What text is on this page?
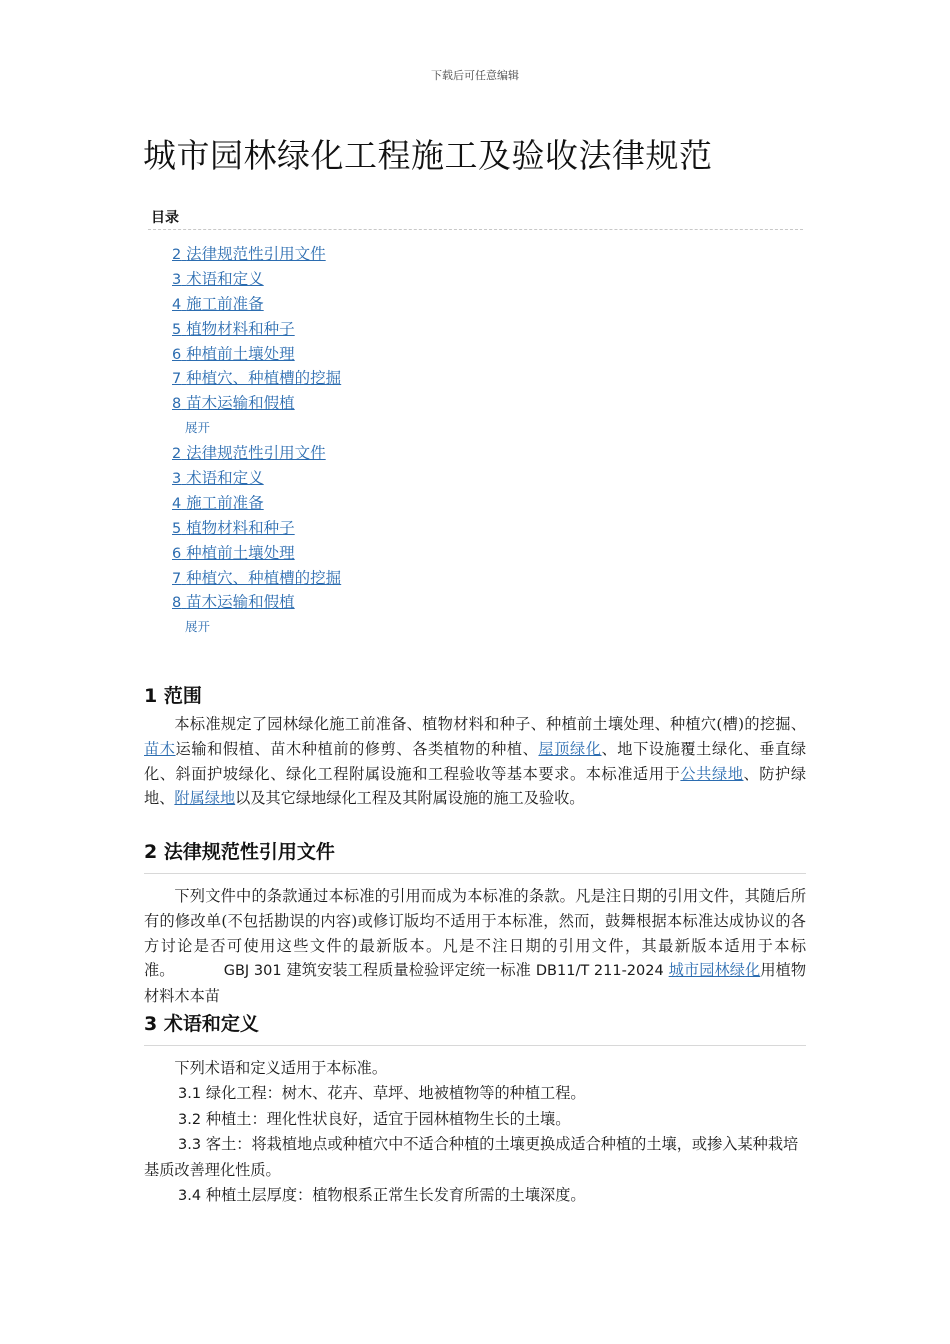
下载后可任意编辑
城市园林绿化工程施工及验收法律规范
目录
2 法律规范性引用文件
3 术语和定义
4 施工前准备
5 植物材料和种子
6 种植前土壤处理
7 种植穴、种植槽的挖掘
8 苗木运输和假植
展开
2 法律规范性引用文件
3 术语和定义
4 施工前准备
5 植物材料和种子
6 种植前土壤处理
7 种植穴、种植槽的挖掘
8 苗木运输和假植
展开
1 范围

本标准规定了园林绿化施工前准备、植物材料和种子、种植前土壤处理、种植穴(槽)的挖掘、苗木运输和假植、苗木种植前的修剪、各类植物的种植、屋顶绿化、地下设施覆土绿化、垂直绿化、斜面护坡绿化、绿化工程附属设施和工程验收等基本要求。本标准适用于公共绿地、防护绿地、附属绿地以及其它绿地绿化工程及其附属设施的施工及验收。

2 法律规范性引用文件

下列文件中的条款通过本标准的引用而成为本标准的条款。凡是注日期的引用文件，其随后所有的修改单(不包括勘误的内容)或修订版均不适用于本标准，然而，鼓舞根据本标准达成协议的各方讨论是否可使用这些文件的最新版本。凡是不注日期的引用文件，其最新版本适用于本标准。	GBJ 301 建筑安装工程质量检验评定统一标准 DB11/T 211-2024 城市园林绿化用植物材料木本苗

3 术语和定义

下列术语和定义适用于本标准。

3.1 绿化工程：树木、花卉、草坪、地被植物等的种植工程。

3.2 种植土：理化性状良好，适宜于园林植物生长的土壤。

3.3 客土：将栽植地点或种植穴中不适合种植的土壤更换成适合种植的土壤，或掺入某种栽培基质改善理化性质。

3.4 种植土层厚度：植物根系正常生长发育所需的土壤深度。
